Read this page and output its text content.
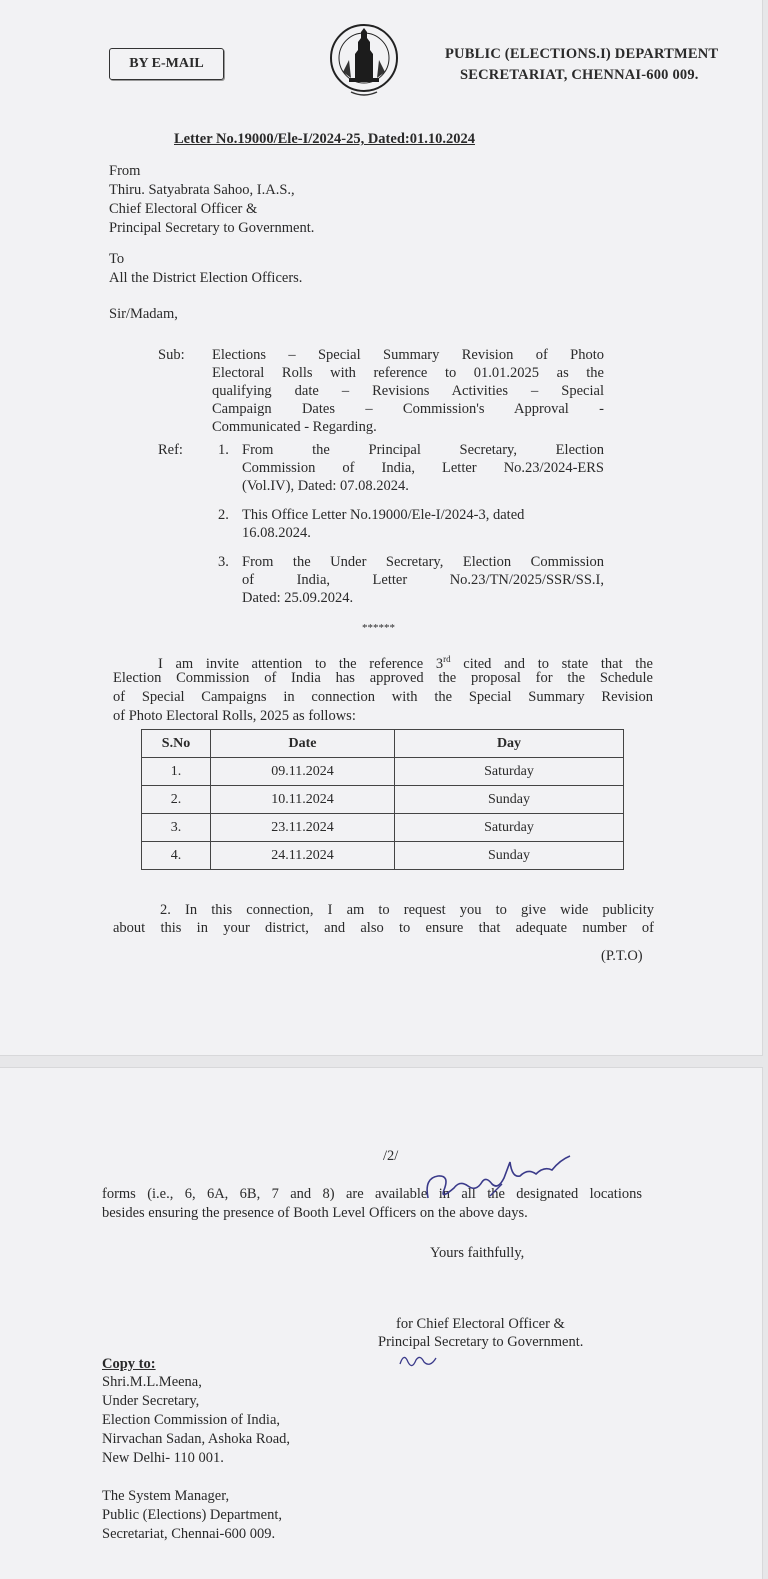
BY E-MAIL
PUBLIC (ELECTIONS.I) DEPARTMENT
SECRETARIAT, CHENNAI-600 009.
Letter No.19000/Ele-I/2024-25, Dated:01.10.2024
From
Thiru. Satyabrata Sahoo, I.A.S.,
Chief Electoral Officer &
Principal Secretary to Government.
To
All the District Election Officers.
Sir/Madam,
Sub: Elections – Special Summary Revision of Photo
Electoral Rolls with reference to 01.01.2025 as the
qualifying date – Revisions Activities – Special
Campaign Dates – Commission's Approval -
Communicated - Regarding.
Ref: 1. From the Principal Secretary, Election
Commission of India, Letter No.23/2024-ERS
(Vol.IV), Dated: 07.08.2024.
2. This Office Letter No.19000/Ele-I/2024-3, dated
16.08.2024.
3. From the Under Secretary, Election Commission
of India, Letter No.23/TN/2025/SSR/SS.I,
Dated: 25.09.2024.
******
I am invite attention to the reference 3rd cited and to state that the
Election Commission of India has approved the proposal for the Schedule
of Special Campaigns in connection with the Special Summary Revision
of Photo Electoral Rolls, 2025 as follows:
S.No	Date	Day
1.	09.11.2024	Saturday
2.	10.11.2024	Sunday
3.	23.11.2024	Saturday
4.	24.11.2024	Sunday
2. In this connection, I am to request you to give wide publicity
about this in your district, and also to ensure that adequate number of
(P.T.O)
/2/
forms (i.e., 6, 6A, 6B, 7 and 8) are available in all the designated locations
besides ensuring the presence of Booth Level Officers on the above days.
Yours faithfully,
for Chief Electoral Officer &
Principal Secretary to Government.
Copy to:
Shri.M.L.Meena,
Under Secretary,
Election Commission of India,
Nirvachan Sadan, Ashoka Road,
New Delhi- 110 001.
The System Manager,
Public (Elections) Department,
Secretariat, Chennai-600 009.
